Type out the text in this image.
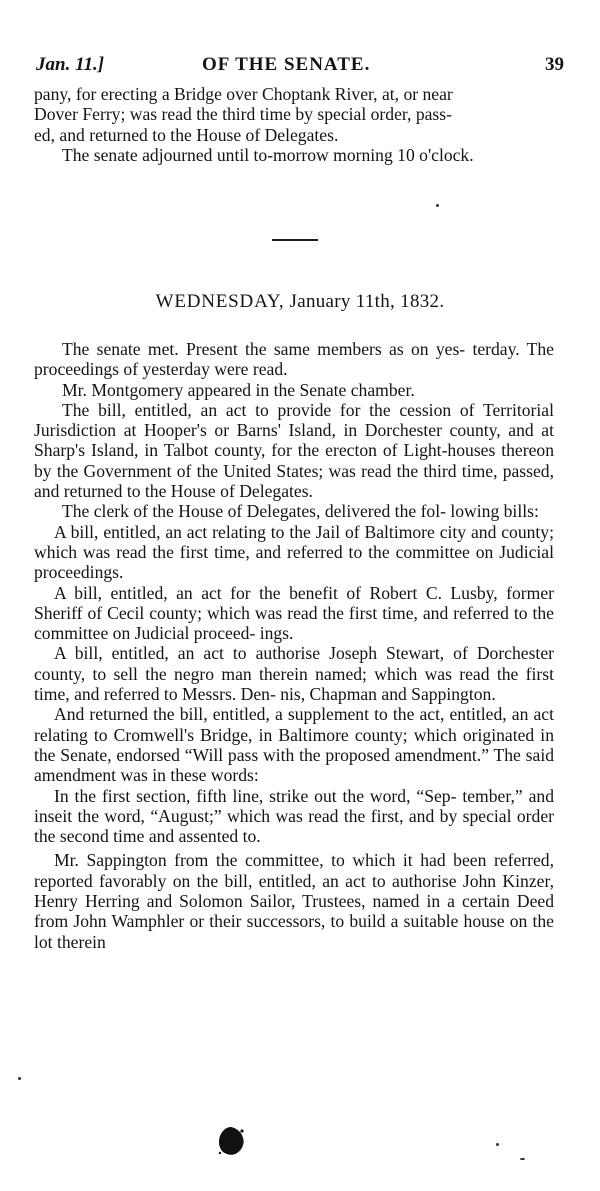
Jan. 11.]	OF THE SENATE.	39
pany, for erecting a Bridge over Choptank River, at, or near
Dover Ferry; was read the third time by special order, pass-
ed, and returned to the House of Delegates.
The senate adjourned until to-morrow morning 10 o'clock.
WEDNESDAY, January 11th, 1832.
The senate met. Present the same members as on yes- terday. The proceedings of yesterday were read.
Mr. Montgomery appeared in the Senate chamber.
The bill, entitled, an act to provide for the cession of Territorial Jurisdiction at Hooper's or Barns' Island, in Dorchester county, and at Sharp's Island, in Talbot county, for the erecton of Light-houses thereon by the Government of the United States; was read the third time, passed, and returned to the House of Delegates.
The clerk of the House of Delegates, delivered the fol- lowing bills:
A bill, entitled, an act relating to the Jail of Baltimore city and county; which was read the first time, and referred to the committee on Judicial proceedings.
A bill, entitled, an act for the benefit of Robert C. Lusby, former Sheriff of Cecil county; which was read the first time, and referred to the committee on Judicial proceed- ings.
A bill, entitled, an act to authorise Joseph Stewart, of Dorchester county, to sell the negro man therein named; which was read the first time, and referred to Messrs. Den- nis, Chapman and Sappington.
And returned the bill, entitled, a supplement to the act, entitled, an act relating to Cromwell's Bridge, in Baltimore county; which originated in the Senate, endorsed “Will pass with the proposed amendment.” The said amendment was in these words:
In the first section, fifth line, strike out the word, “Sep- tember,” and inseit the word, “August;” which was read the first, and by special order the second time and assented to.
Mr. Sappington from the committee, to which it had been referred, reported favorably on the bill, entitled, an act to authorise John Kinzer, Henry Herring and Solomon Sailor, Trustees, named in a certain Deed from John Wamphler or their successors, to build a suitable house on the lot therein
